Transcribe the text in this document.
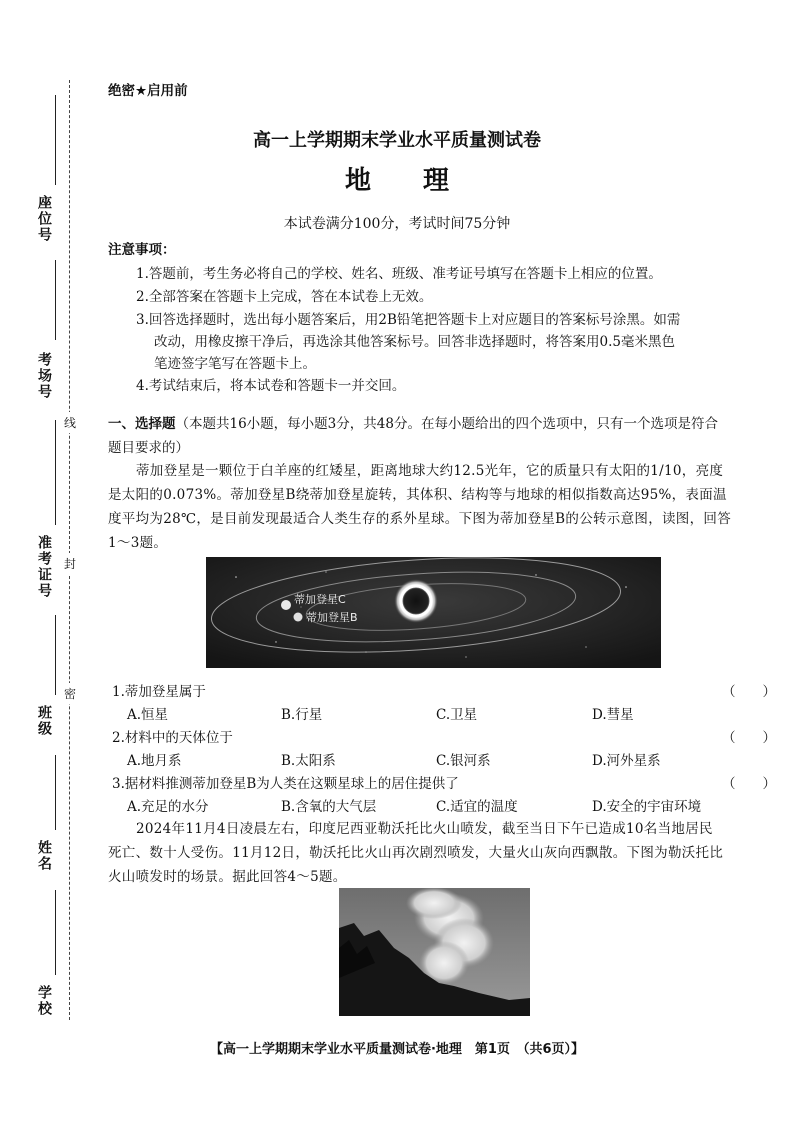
座位号
考场号
准考证号
班级
姓名
学校
线
封
密
绝密★启用前
高一上学期期末学业水平质量测试卷
地　　理
本试卷满分100分，考试时间75分钟
注意事项：
1.答题前，考生务必将自己的学校、姓名、班级、准考证号填写在答题卡上相应的位置。
2.全部答案在答题卡上完成，答在本试卷上无效。
3.回答选择题时，选出每小题答案后，用2B铅笔把答题卡上对应题目的答案标号涂黑。如需
改动，用橡皮擦干净后，再选涂其他答案标号。回答非选择题时，将答案用0.5毫米黑色
笔迹签字笔写在答题卡上。
4.考试结束后，将本试卷和答题卡一并交回。
一、选择题（本题共16小题，每小题3分，共48分。在每小题给出的四个选项中，只有一个选项是符合
题目要求的）
蒂加登星是一颗位于白羊座的红矮星，距离地球大约12.5光年，它的质量只有太阳的1/10，亮度
是太阳的0.073%。蒂加登星B绕蒂加登星旋转，其体积、结构等与地球的相似指数高达95%，表面温
度平均为28℃，是目前发现最适合人类生存的系外星球。下图为蒂加登星B的公转示意图，读图，回答
1～3题。
蒂加登星C
蒂加登星B
1.蒂加登星属于	（　　）
A.恒星	B.行星	C.卫星	D.彗星
2.材料中的天体位于	（　　）
A.地月系	B.太阳系	C.银河系	D.河外星系
3.据材料推测蒂加登星B为人类在这颗星球上的居住提供了	（　　）
A.充足的水分	B.含氧的大气层	C.适宜的温度	D.安全的宇宙环境
2024年11月4日凌晨左右，印度尼西亚勒沃托比火山喷发，截至当日下午已造成10名当地居民
死亡、数十人受伤。11月12日，勒沃托比火山再次剧烈喷发，大量火山灰向西飘散。下图为勒沃托比
火山喷发时的场景。据此回答4～5题。
【高一上学期期末学业水平质量测试卷·地理　第1页　（共6页）】
